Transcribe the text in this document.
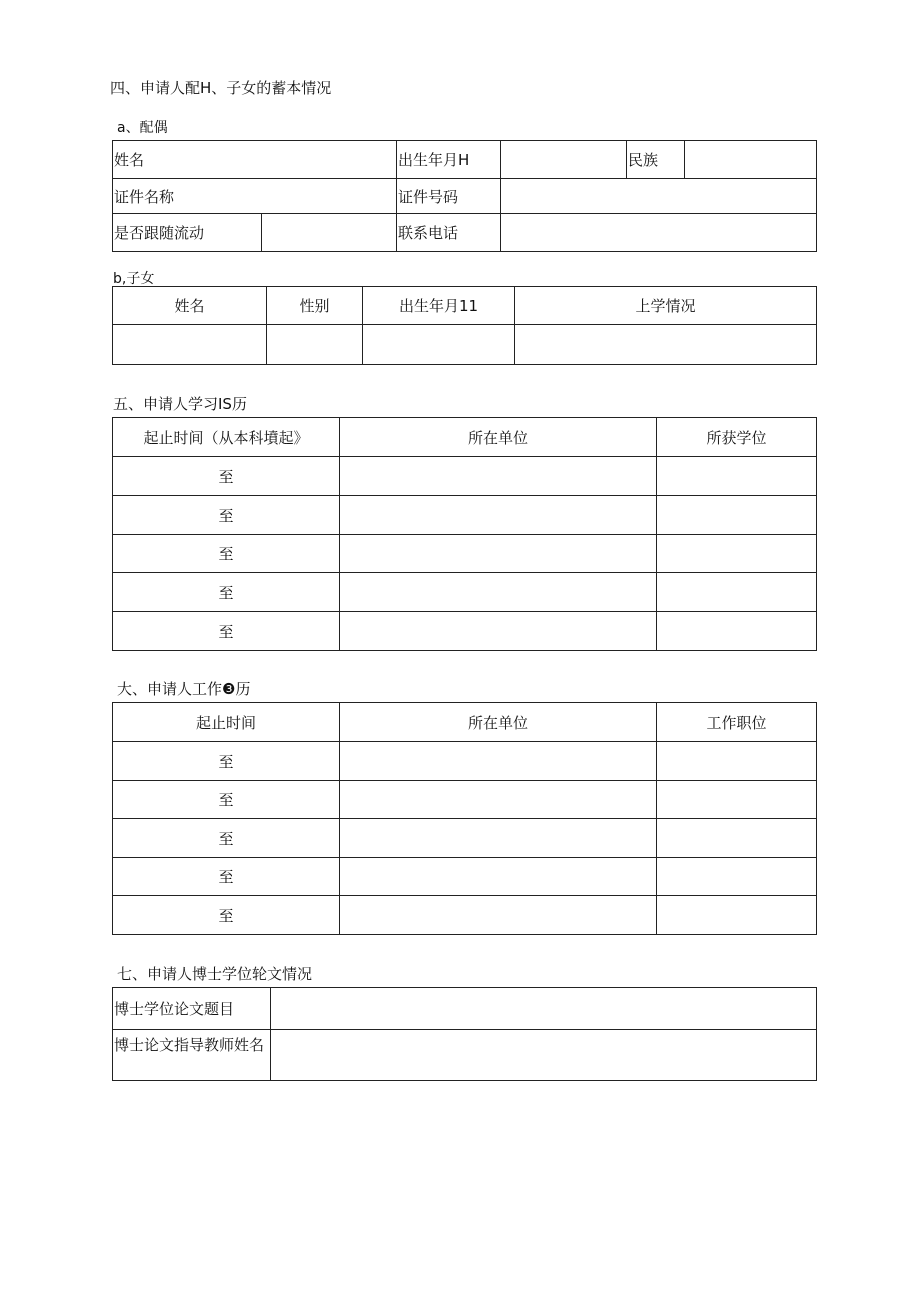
四、申请人配H、子女的蓄本情况
a、配偶
姓名		出生年月H		民族	
证件名称		证件号码			
是否跟随流动		联系电话			
b,子女
姓名	性别	出生年月11	上学情况

五、申请人学习IS历
起止时间（从本科墳起》	所在单位	所获学位
至		
至		
至		
至		
至		
大、申请人工作❸历
起止时间	所在单位	工作职位
至		
至		
至		
至		
至		
七、申请人博士学位轮文情况
博士学位论文题目	
博士论文指导教师姓名	
